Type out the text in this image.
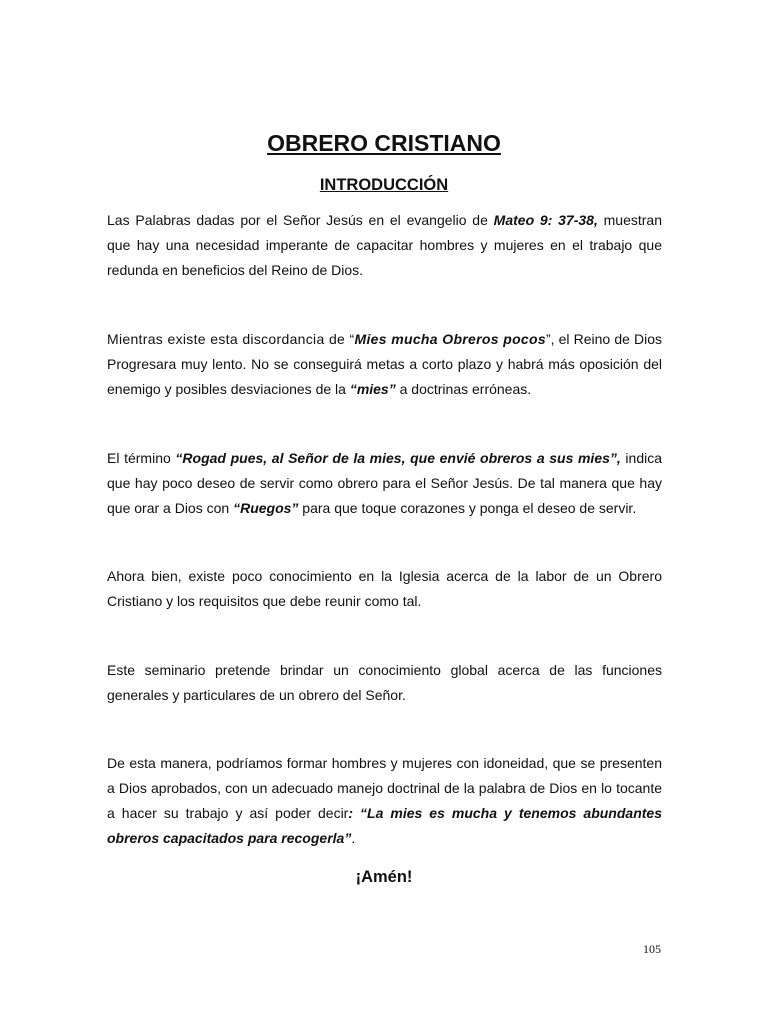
OBRERO CRISTIANO
INTRODUCCIÓN

Las Palabras dadas por el Señor Jesús en el evangelio de Mateo 9: 37-38, muestran que hay una necesidad imperante de capacitar hombres y mujeres en el trabajo que redunda en beneficios del Reino de Dios.

Mientras existe esta discordancia de “Mies mucha Obreros pocos”, el Reino de Dios Progresara muy lento. No se conseguirá metas a corto plazo y habrá más oposición del enemigo y posibles desviaciones de la “mies” a doctrinas erróneas.

El término “Rogad pues, al Señor de la mies, que envié obreros a sus mies”, indica que hay poco deseo de servir como obrero para el Señor Jesús. De tal manera que hay que orar a Dios con “Ruegos” para que toque corazones y ponga el deseo de servir.

Ahora bien, existe poco conocimiento en la Iglesia acerca de la labor de un Obrero Cristiano y los requisitos que debe reunir como tal.

Este seminario pretende brindar un conocimiento global acerca de las funciones generales y particulares de un obrero del Señor.

De esta manera, podríamos formar hombres y mujeres con idoneidad, que se presenten a Dios aprobados, con un adecuado manejo doctrinal de la palabra de Dios en lo tocante a hacer su trabajo y así poder decir: “La mies es mucha y tenemos abundantes obreros capacitados para recogerla”.

¡Amén!

105
